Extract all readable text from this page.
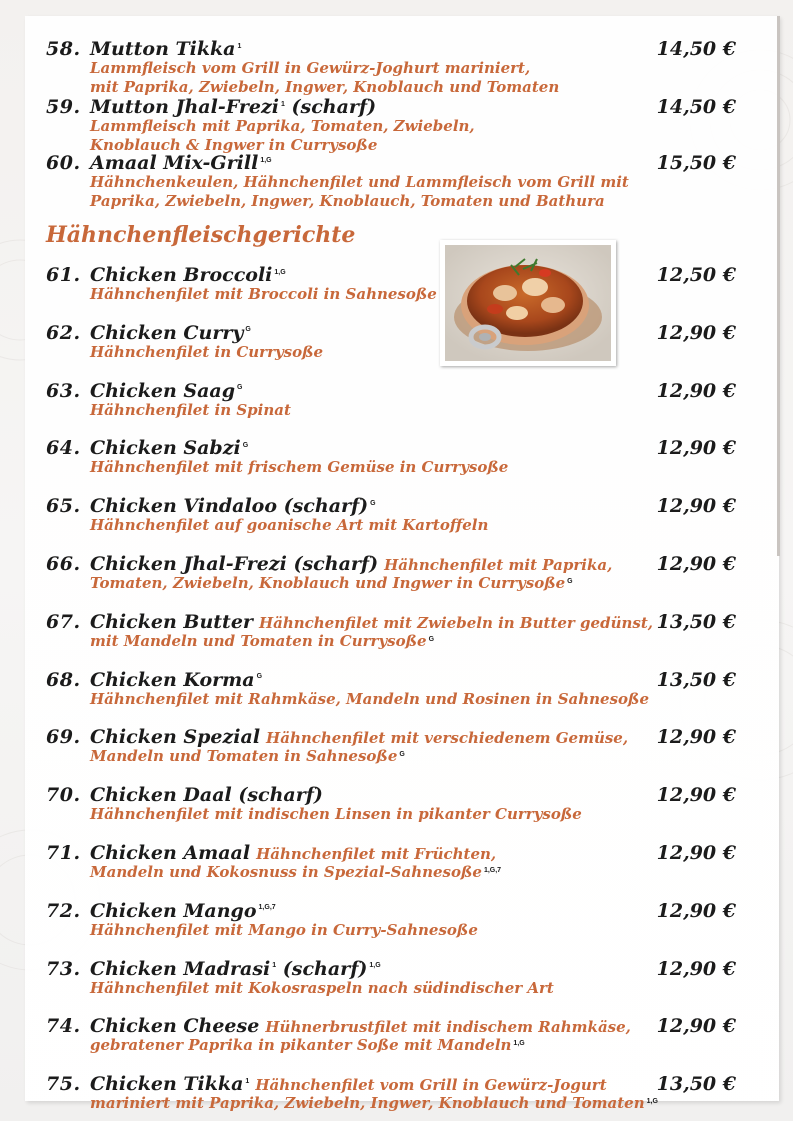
58. Mutton Tikka $^1$
Lammfleisch vom Grill in Gewürz-Joghurt mariniert,
mit Paprika, Zwiebeln, Ingwer, Knoblauch und Tomaten
14,50 €
59. Mutton Jhal-Frezi $^1$ (scharf)
Lammfleisch mit Paprika, Tomaten, Zwiebeln,
Knoblauch & Ingwer in Currysoße
14,50 €
60. Amaal Mix-Grill $^{1,G}$
Hähnchenkeulen, Hähnchenfilet und Lammfleisch vom Grill mit
Paprika, Zwiebeln, Ingwer, Knoblauch, Tomaten und Bathura
15,50 €
Hähnchenfleischgerichte
61. Chicken Broccoli $^{1,G}$
Hähnchenfilet mit Broccoli in Sahnesoße
12,50 €
62. Chicken Curry $^G$
Hähnchenfilet in Currysoße
12,90 €
63. Chicken Saag $^G$
Hähnchenfilet in Spinat
12,90 €
64. Chicken Sabzi $^G$
Hähnchenfilet mit frischem Gemüse in Currysoße
12,90 €
65. Chicken Vindaloo (scharf) $^G$
Hähnchenfilet auf goanische Art mit Kartoffeln
12,90 €
66. Chicken Jhal-Frezi (scharf) Hähnchenfilet mit Paprika,
Tomaten, Zwiebeln, Knoblauch und Ingwer in Currysoße $^G$
12,90 €
67. Chicken Butter Hähnchenfilet mit Zwiebeln in Butter gedünst,
mit Mandeln und Tomaten in Currysoße $^G$
13,50 €
68. Chicken Korma $^G$
Hähnchenfilet mit Rahmkäse, Mandeln und Rosinen in Sahnesoße
13,50 €
69. Chicken Spezial Hähnchenfilet mit verschiedenem Gemüse,
Mandeln und Tomaten in Sahnesoße $^G$
12,90 €
70. Chicken Daal (scharf)
Hähnchenfilet mit indischen Linsen in pikanter Currysoße
12,90 €
71. Chicken Amaal Hähnchenfilet mit Früchten,
Mandeln und Kokosnuss in Spezial-Sahnesoße $^{1,G,7}$
12,90 €
72. Chicken Mango $^{1,G,7}$
Hähnchenfilet mit Mango in Curry-Sahnesoße
12,90 €
73. Chicken Madrasi $^1$ (scharf) $^{1,G}$
Hähnchenfilet mit Kokosraspeln nach südindischer Art
12,90 €
74. Chicken Cheese Hühnerbrustfilet mit indischem Rahmkäse,
gebratener Paprika in pikanter Soße mit Mandeln $^{1,G}$
12,90 €
75. Chicken Tikka $^1$ Hähnchenfilet vom Grill in Gewürz-Jogurt
mariniert mit Paprika, Zwiebeln, Ingwer, Knoblauch und Tomaten $^{1,G}$
13,50 €
